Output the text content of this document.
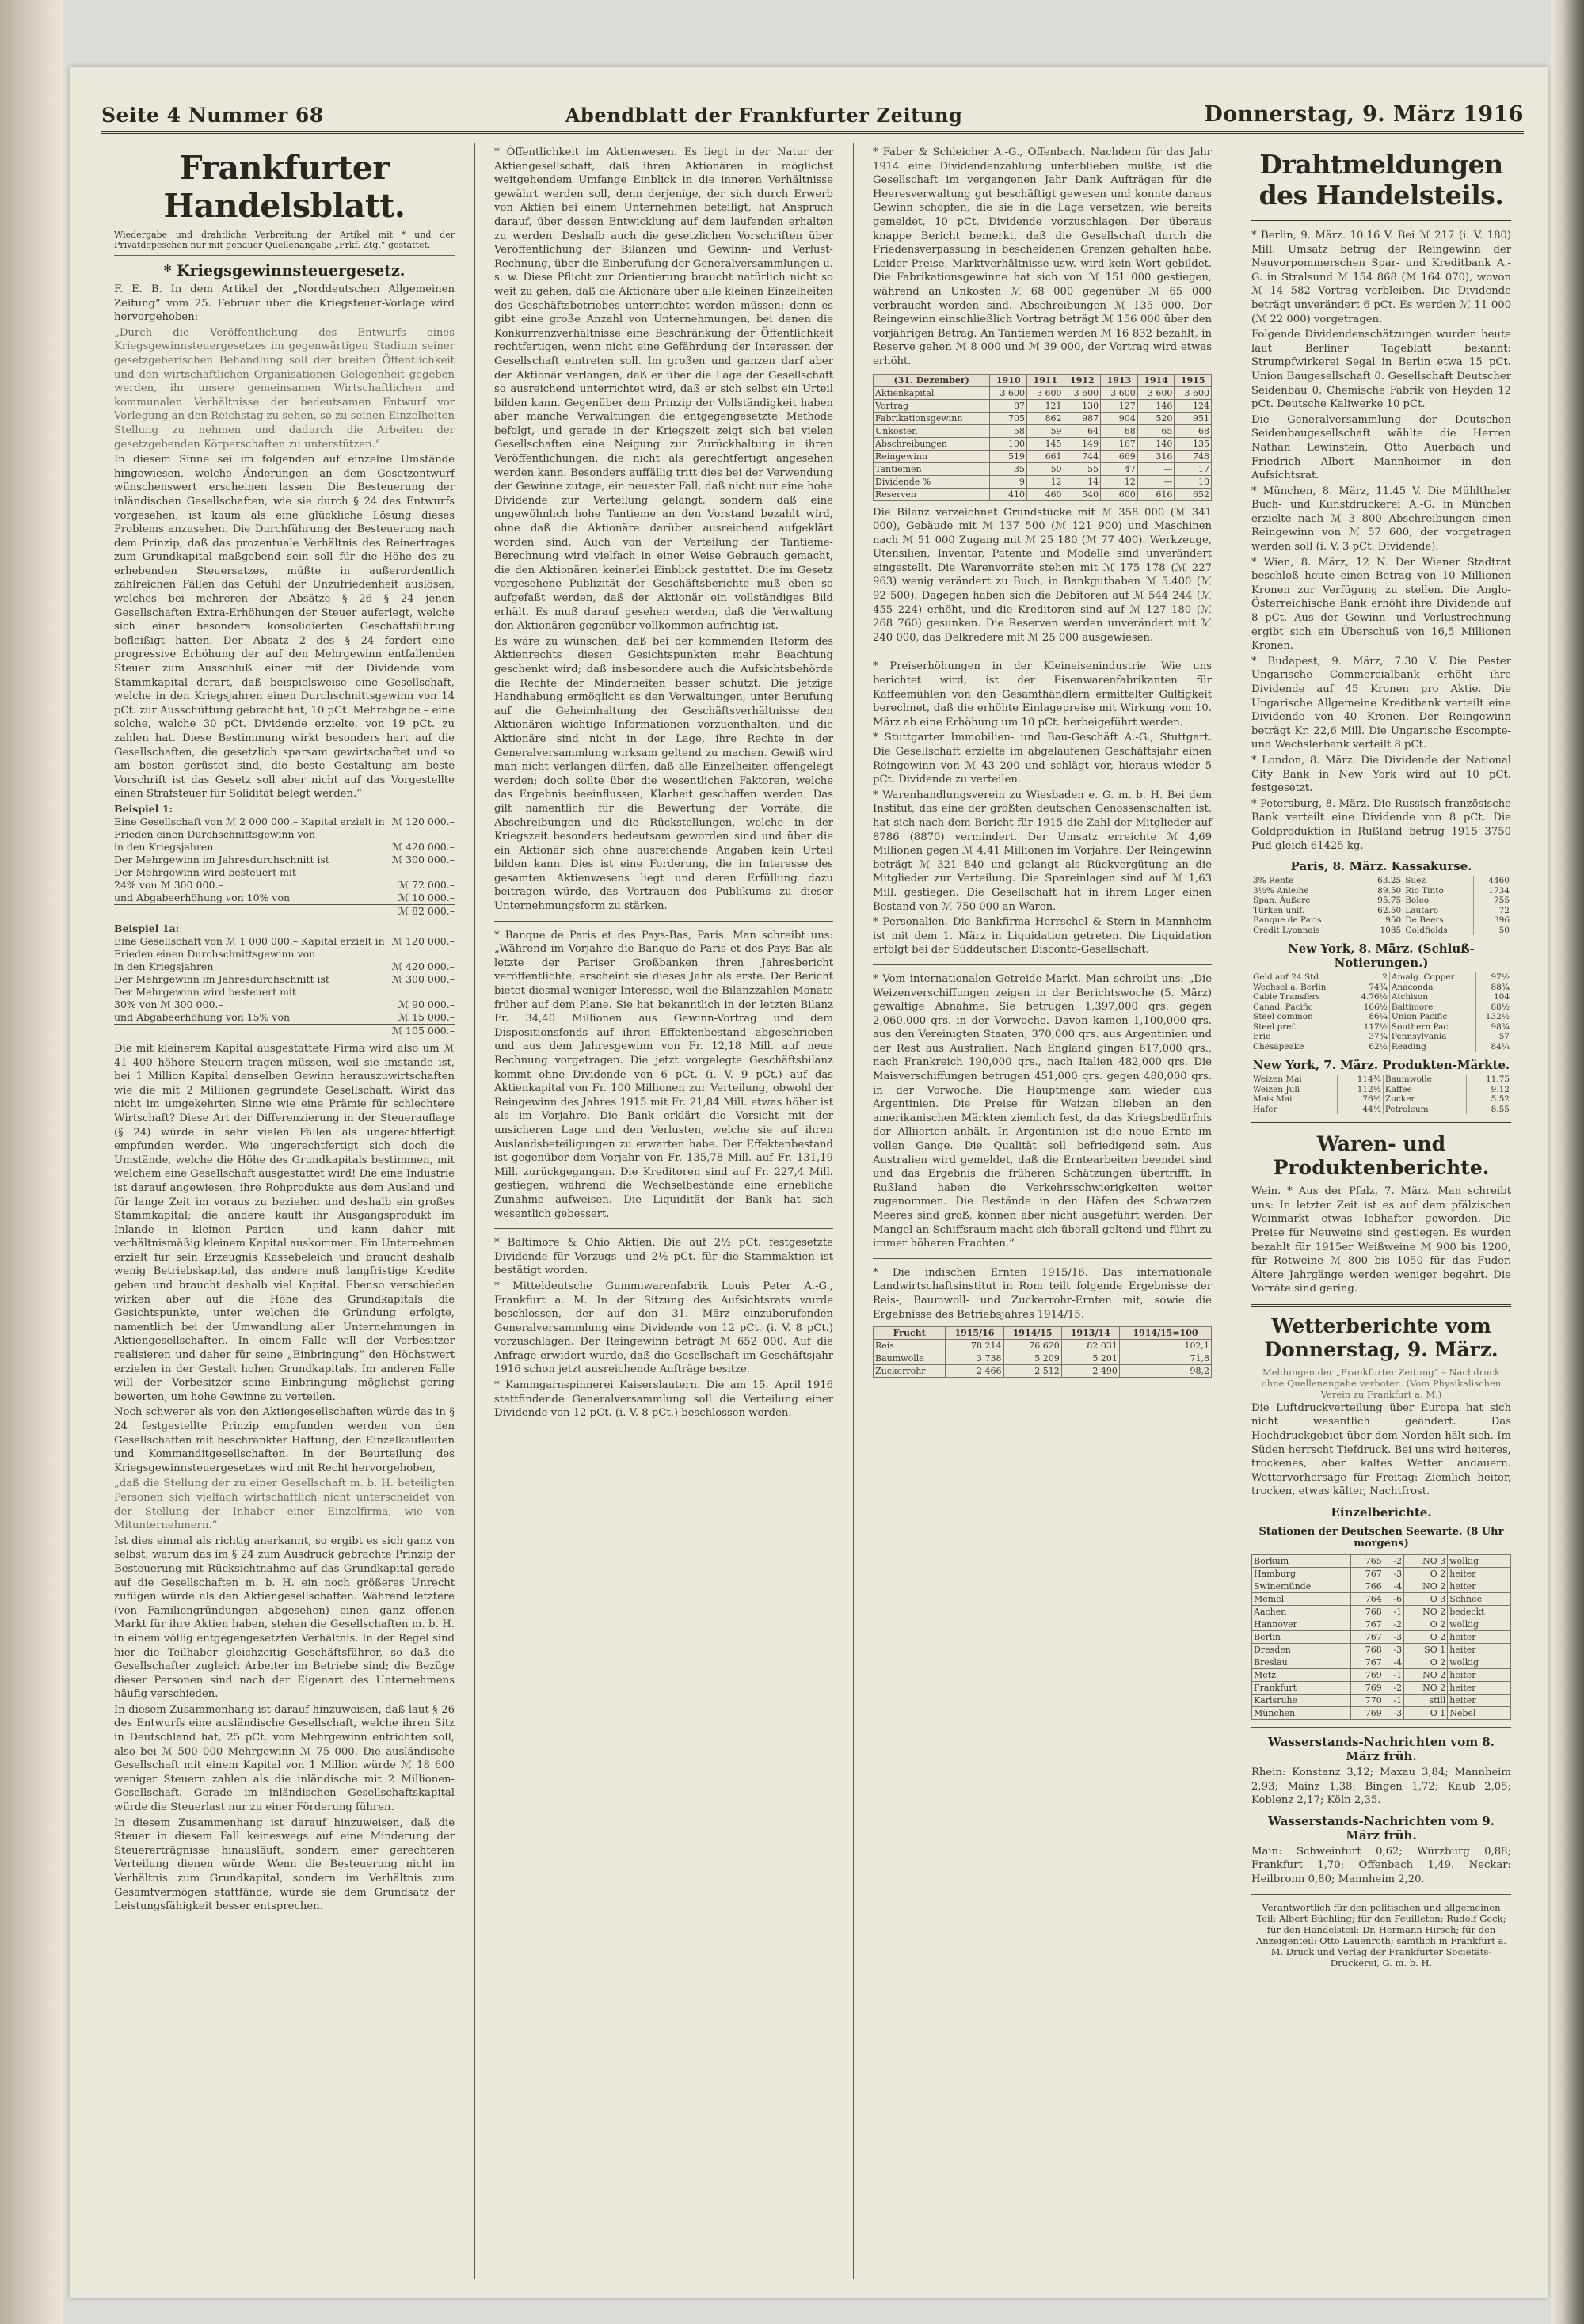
Seite 4 Nummer 68	Abendblatt der Frankfurter Zeitung	Donnerstag, 9. März 1916
Frankfurter Handelsblatt.
Wiedergabe und drahtliche Verbreitung der Artikel mit * und der Privatdepeschen nur mit genauer Quellenangabe „Frkf. Ztg.“ gestattet.
* Kriegsgewinnsteuergesetz.

F. E. B. In dem Artikel der „Norddeutschen Allgemeinen Zeitung“ vom 25. Februar über die Kriegsteuer-Vorlage wird hervorgehoben:

„Durch die Veröffentlichung des Entwurfs eines Kriegsgewinnsteuergesetzes im gegenwärtigen Stadium seiner gesetzgeberischen Behandlung soll der breiten Öffentlichkeit und den wirtschaftlichen Organisationen Gelegenheit gegeben werden, ihr unsere gemeinsamen Wirtschaftlichen und kommunalen Verhältnisse der bedeutsamen Entwurf vor Vorlegung an den Reichstag zu sehen, so zu seinen Einzelheiten Stellung zu nehmen und dadurch die Arbeiten der gesetzgebenden Körperschaften zu unterstützen.“

In diesem Sinne sei im folgenden auf einzelne Umstände hingewiesen, welche Änderungen an dem Gesetzentwurf wünschenswert erscheinen lassen. Die Besteuerung der inländischen Gesellschaften, wie sie durch § 24 des Entwurfs vorgesehen, ist kaum als eine glückliche Lösung dieses Problems anzusehen. Die Durchführung der Besteuerung nach dem Prinzip, daß das prozentuale Verhältnis des Reinertrages zum Grundkapital maßgebend sein soll für die Höhe des zu erhebenden Steuersatzes, müßte in außerordentlich zahlreichen Fällen das Gefühl der Unzufriedenheit auslösen, welches bei mehreren der Absätze § 26 § 24 jenen Gesellschaften Extra-Erhöhungen der Steuer auferlegt, welche sich einer besonders konsolidierten Geschäftsführung befleißigt hatten. Der Absatz 2 des § 24 fordert eine progressive Erhöhung der auf den Mehrgewinn entfallenden Steuer zum Ausschluß einer mit der Dividende vom Stammkapital derart, daß beispielsweise eine Gesellschaft, welche in den Kriegsjahren einen Durchschnittsgewinn von 14 pCt. zur Ausschüttung gebracht hat, 10 pCt. Mehrabgabe – eine solche, welche 30 pCt. Dividende erzielte, von 19 pCt. zu zahlen hat. Diese Bestimmung wirkt besonders hart auf die Gesellschaften, die gesetzlich sparsam gewirtschaftet und so am besten gerüstet sind, die beste Gestaltung am beste Vorschrift ist das Gesetz soll aber nicht auf das Vorgestellte einen Strafsteuer für Solidität belegt werden.“

Beispiel 1:
Eine Gesellschaft von ℳ 2 000 000.– Kapital erzielt in Frieden einen Durchschnittsgewinn von
ℳ 120 000.–
in den Kriegsjahren	ℳ 420 000.–
Der Mehrgewinn im Jahresdurchschnitt ist	ℳ 300 000.–
Der Mehrgewinn wird besteuert mit
24% von ℳ 300 000.–	ℳ 72 000.–
und Abgabeerhöhung von 10% von	ℳ 10 000.–
ℳ 82 000.–
Beispiel 1a:
Eine Gesellschaft von ℳ 1 000 000.– Kapital erzielt in Frieden einen Durchschnittsgewinn von
ℳ 120 000.–
in den Kriegsjahren	ℳ 420 000.–
Der Mehrgewinn im Jahresdurchschnitt ist	ℳ 300 000.–
Der Mehrgewinn wird besteuert mit
30% von ℳ 300 000.–	ℳ 90 000.–
und Abgabeerhöhung von 15% von	ℳ 15 000.–
ℳ 105 000.–

Die mit kleinerem Kapital ausgestattete Firma wird also um ℳ 41 400 höhere Steuern tragen müssen, weil sie imstande ist, bei 1 Million Kapital denselben Gewinn herauszuwirtschaften wie die mit 2 Millionen gegründete Gesellschaft. Wirkt das nicht im umgekehrten Sinne wie eine Prämie für schlechtere Wirtschaft? Diese Art der Differenzierung in der Steuerauflage (§ 24) würde in sehr vielen Fällen als ungerechtfertigt empfunden werden. Wie ungerechtfertigt sich doch die Umstände, welche die Höhe des Grundkapitals bestimmen, mit welchem eine Gesellschaft ausgestattet wird! Die eine Industrie ist darauf angewiesen, ihre Rohprodukte aus dem Ausland und für lange Zeit im voraus zu beziehen und deshalb ein großes Stammkapital; die andere kauft ihr Ausgangsprodukt im Inlande in kleinen Partien – und kann daher mit verhältnismäßig kleinem Kapital auskommen. Ein Unternehmen erzielt für sein Erzeugnis Kassebeleich und braucht deshalb wenig Betriebskapital, das andere muß langfristige Kredite geben und braucht deshalb viel Kapital. Ebenso verschieden wirken aber auf die Höhe des Grundkapitals die Gesichtspunkte, unter welchen die Gründung erfolgte, namentlich bei der Umwandlung aller Unternehmungen in Aktiengesellschaften. In einem Falle will der Vorbesitzer realisieren und daher für seine „Einbringung“ den Höchstwert erzielen in der Gestalt hohen Grundkapitals. Im anderen Falle will der Vorbesitzer seine Einbringung möglichst gering bewerten, um hohe Gewinne zu verteilen.

Noch schwerer als von den Aktiengesellschaften würde das in § 24 festgestellte Prinzip empfunden werden von den Gesellschaften mit beschränkter Haftung, den Einzelkaufleuten und Kommanditgesellschaften. In der Beurteilung des Kriegsgewinnsteuergesetzes wird mit Recht hervorgehoben,

„daß die Stellung der zu einer Gesellschaft m. b. H. beteiligten Personen sich vielfach wirtschaftlich nicht unterscheidet von der Stellung der Inhaber einer Einzelfirma, wie von Mitunternehmern.“

Ist dies einmal als richtig anerkannt, so ergibt es sich ganz von selbst, warum das im § 24 zum Ausdruck gebrachte Prinzip der Besteuerung mit Rücksichtnahme auf das Grundkapital gerade auf die Gesellschaften m. b. H. ein noch größeres Unrecht zufügen würde als den Aktiengesellschaften. Während letztere (von Familiengründungen abgesehen) einen ganz offenen Markt für ihre Aktien haben, stehen die Gesellschaften m. b. H. in einem völlig entgegengesetzten Verhältnis. In der Regel sind hier die Teilhaber gleichzeitig Geschäftsführer, so daß die Gesellschafter zugleich Arbeiter im Betriebe sind; die Bezüge dieser Personen sind nach der Eigenart des Unternehmens häufig verschieden.

In diesem Zusammenhang ist darauf hinzuweisen, daß laut § 26 des Entwurfs eine ausländische Gesellschaft, welche ihren Sitz in Deutschland hat, 25 pCt. vom Mehrgewinn entrichten soll, also bei ℳ 500 000 Mehrgewinn ℳ 75 000. Die ausländische Gesellschaft mit einem Kapital von 1 Million würde ℳ 18 600 weniger Steuern zahlen als die inländische mit 2 Millionen-Gesellschaft. Gerade im inländischen Gesellschaftskapital würde die Steuerlast nur zu einer Förderung führen.

In diesem Zusammenhang ist darauf hinzuweisen, daß die Steuer in diesem Fall keineswegs auf eine Minderung der Steuererträgnisse hinausläuft, sondern einer gerechteren Verteilung dienen würde. Wenn die Besteuerung nicht im Verhältnis zum Grundkapital, sondern im Verhältnis zum Gesamtvermögen stattfände, würde sie dem Grundsatz der Leistungsfähigkeit besser entsprechen.

* Öffentlichkeit im Aktienwesen. Es liegt in der Natur der Aktiengesellschaft, daß ihren Aktionären in möglichst weitgehendem Umfange Einblick in die inneren Verhältnisse gewährt werden soll, denn derjenige, der sich durch Erwerb von Aktien bei einem Unternehmen beteiligt, hat Anspruch darauf, über dessen Entwicklung auf dem laufenden erhalten zu werden. Deshalb auch die gesetzlichen Vorschriften über Veröffentlichung der Bilanzen und Gewinn- und Verlust-Rechnung, über die Einberufung der Generalversammlungen u. s. w. Diese Pflicht zur Orientierung braucht natürlich nicht so weit zu gehen, daß die Aktionäre über alle kleinen Einzelheiten des Geschäftsbetriebes unterrichtet werden müssen; denn es gibt eine große Anzahl von Unternehmungen, bei denen die Konkurrenzverhältnisse eine Beschränkung der Öffentlichkeit rechtfertigen, wenn nicht eine Gefährdung der Interessen der Gesellschaft eintreten soll. Im großen und ganzen darf aber der Aktionär verlangen, daß er über die Lage der Gesellschaft so ausreichend unterrichtet wird, daß er sich selbst ein Urteil bilden kann. Gegenüber dem Prinzip der Vollständigkeit haben aber manche Verwaltungen die entgegengesetzte Methode befolgt, und gerade in der Kriegszeit zeigt sich bei vielen Gesellschaften eine Neigung zur Zurückhaltung in ihren Veröffentlichungen, die nicht als gerechtfertigt angesehen werden kann. Besonders auffällig tritt dies bei der Verwendung der Gewinne zutage, ein neuester Fall, daß nicht nur eine hohe Dividende zur Verteilung gelangt, sondern daß eine ungewöhnlich hohe Tantieme an den Vorstand bezahlt wird, ohne daß die Aktionäre darüber ausreichend aufgeklärt worden sind. Auch von der Verteilung der Tantieme-Berechnung wird vielfach in einer Weise Gebrauch gemacht, die den Aktionären keinerlei Einblick gestattet. Die im Gesetz vorgesehene Publizität der Geschäftsberichte muß eben so aufgefaßt werden, daß der Aktionär ein vollständiges Bild erhält. Es muß darauf gesehen werden, daß die Verwaltung den Aktionären gegenüber vollkommen aufrichtig ist.

Es wäre zu wünschen, daß bei der kommenden Reform des Aktienrechts diesen Gesichtspunkten mehr Beachtung geschenkt wird; daß insbesondere auch die Aufsichtsbehörde die Rechte der Minderheiten besser schützt. Die jetzige Handhabung ermöglicht es den Verwaltungen, unter Berufung auf die Geheimhaltung der Geschäftsverhältnisse den Aktionären wichtige Informationen vorzuenthalten, und die Aktionäre sind nicht in der Lage, ihre Rechte in der Generalversammlung wirksam geltend zu machen. Gewiß wird man nicht verlangen dürfen, daß alle Einzelheiten offengelegt werden; doch sollte über die wesentlichen Faktoren, welche das Ergebnis beeinflussen, Klarheit geschaffen werden. Das gilt namentlich für die Bewertung der Vorräte, die Abschreibungen und die Rückstellungen, welche in der Kriegszeit besonders bedeutsam geworden sind und über die ein Aktionär sich ohne ausreichende Angaben kein Urteil bilden kann. Dies ist eine Forderung, die im Interesse des gesamten Aktienwesens liegt und deren Erfüllung dazu beitragen würde, das Vertrauen des Publikums zu dieser Unternehmungsform zu stärken.

* Banque de Paris et des Pays-Bas, Paris. Man schreibt uns: „Während im Vorjahre die Banque de Paris et des Pays-Bas als letzte der Pariser Großbanken ihren Jahresbericht veröffentlichte, erscheint sie dieses Jahr als erste. Der Bericht bietet diesmal weniger Interesse, weil die Bilanzzahlen Monate früher auf dem Plane. Sie hat bekanntlich in der letzten Bilanz Fr. 34,40 Millionen aus Gewinn-Vortrag und dem Dispositionsfonds auf ihren Effektenbestand abgeschrieben und aus dem Jahresgewinn von Fr. 12,18 Mill. auf neue Rechnung vorgetragen. Die jetzt vorgelegte Geschäftsbilanz kommt ohne Dividende von 6 pCt. (i. V. 9 pCt.) auf das Aktienkapital von Fr. 100 Millionen zur Verteilung, obwohl der Reingewinn des Jahres 1915 mit Fr. 21,84 Mill. etwas höher ist als im Vorjahre. Die Bank erklärt die Vorsicht mit der unsicheren Lage und den Verlusten, welche sie auf ihren Auslandsbeteiligungen zu erwarten habe. Der Effektenbestand ist gegenüber dem Vorjahr von Fr. 135,78 Mill. auf Fr. 131,19 Mill. zurückgegangen. Die Kreditoren sind auf Fr. 227,4 Mill. gestiegen, während die Wechselbestände eine erhebliche Zunahme aufweisen. Die Liquidität der Bank hat sich wesentlich gebessert.

* Baltimore & Ohio Aktien. Die auf 2½ pCt. festgesetzte Dividende für Vorzugs- und 2½ pCt. für die Stammaktien ist bestätigt worden.

* Mitteldeutsche Gummiwarenfabrik Louis Peter A.-G., Frankfurt a. M. In der Sitzung des Aufsichtsrats wurde beschlossen, der auf den 31. März einzuberufenden Generalversammlung eine Dividende von 12 pCt. (i. V. 8 pCt.) vorzuschlagen. Der Reingewinn beträgt ℳ 652 000. Auf die Anfrage erwidert wurde, daß die Gesellschaft im Geschäftsjahr 1916 schon jetzt ausreichende Aufträge besitze.

* Kammgarnspinnerei Kaiserslautern. Die am 15. April 1916 stattfindende Generalversammlung soll die Verteilung einer Dividende von 12 pCt. (i. V. 8 pCt.) beschlossen werden.

* Faber & Schleicher A.-G., Offenbach. Nachdem für das Jahr 1914 eine Dividendenzahlung unterblieben mußte, ist die Gesellschaft im vergangenen Jahr Dank Aufträgen für die Heeresverwaltung gut beschäftigt gewesen und konnte daraus Gewinn schöpfen, die sie in die Lage versetzen, wie bereits gemeldet, 10 pCt. Dividende vorzuschlagen. Der überaus knappe Bericht bemerkt, daß die Gesellschaft durch die Friedensverpassung in bescheidenen Grenzen gehalten habe. Leider Preise, Marktverhältnisse usw. wird kein Wort gebildet. Die Fabrikationsgewinne hat sich von ℳ 151 000 gestiegen, während an Unkosten ℳ 68 000 gegenüber ℳ 65 000 verbraucht worden sind. Abschreibungen ℳ 135 000. Der Reingewinn einschließlich Vortrag beträgt ℳ 156 000 über den vorjährigen Betrag. An Tantiemen werden ℳ 16 832 bezahlt, in Reserve gehen ℳ 8 000 und ℳ 39 000, der Vortrag wird etwas erhöht.

(31. Dezember)	1910	1911	1912	1913	1914	1915
Aktienkapital	3 600	3 600	3 600	3 600	3 600	3 600
Vortrag	87	121	130	127	146	124
Fabrikationsgewinn	705	862	987	904	520	951
Unkosten	58	59	64	68	65	68
Abschreibungen	100	145	149	167	140	135
Reingewinn	519	661	744	669	316	748
Tantiemen	35	50	55	47	—	17
Dividende %	9	12	14	12	—	10
Reserven	410	460	540	600	616	652

Die Bilanz verzeichnet Grundstücke mit ℳ 358 000 (ℳ 341 000), Gebäude mit ℳ 137 500 (ℳ 121 900) und Maschinen nach ℳ 51 000 Zugang mit ℳ 25 180 (ℳ 77 400). Werkzeuge, Utensilien, Inventar, Patente und Modelle sind unverändert eingestellt. Die Warenvorräte stehen mit ℳ 175 178 (ℳ 227 963) wenig verändert zu Buch, in Bankguthaben ℳ 5.400 (ℳ 92 500). Dagegen haben sich die Debitoren auf ℳ 544 244 (ℳ 455 224) erhöht, und die Kreditoren sind auf ℳ 127 180 (ℳ 268 760) gesunken. Die Reserven werden unverändert mit ℳ 240 000, das Delkredere mit ℳ 25 000 ausgewiesen.

* Preiserhöhungen in der Kleineisenindustrie. Wie uns berichtet wird, ist der Eisenwarenfabrikanten für Kaffeemühlen von den Gesamthändlern ermittelter Gültigkeit berechnet, daß die erhöhte Einlagepreise mit Wirkung vom 10. März ab eine Erhöhung um 10 pCt. herbeigeführt werden.

* Stuttgarter Immobilien- und Bau-Geschäft A.-G., Stuttgart. Die Gesellschaft erzielte im abgelaufenen Geschäftsjahr einen Reingewinn von ℳ 43 200 und schlägt vor, hieraus wieder 5 pCt. Dividende zu verteilen.

* Warenhandlungsverein zu Wiesbaden e. G. m. b. H. Bei dem Institut, das eine der größten deutschen Genossenschaften ist, hat sich nach dem Bericht für 1915 die Zahl der Mitglieder auf 8786 (8870) vermindert. Der Umsatz erreichte ℳ 4,69 Millionen gegen ℳ 4,41 Millionen im Vorjahre. Der Reingewinn beträgt ℳ 321 840 und gelangt als Rückvergütung an die Mitglieder zur Verteilung. Die Spareinlagen sind auf ℳ 1,63 Mill. gestiegen. Die Gesellschaft hat in ihrem Lager einen Bestand von ℳ 750 000 an Waren.

* Personalien. Die Bankfirma Herrschel & Stern in Mannheim ist mit dem 1. März in Liquidation getreten. Die Liquidation erfolgt bei der Süddeutschen Disconto-Gesellschaft.

* Vom internationalen Getreide-Markt. Man schreibt uns: „Die Weizenverschiffungen zeigen in der Berichtswoche (5. März) gewaltige Abnahme. Sie betrugen 1,397,000 qrs. gegen 2,060,000 qrs. in der Vorwoche. Davon kamen 1,100,000 qrs. aus den Vereinigten Staaten, 370,000 qrs. aus Argentinien und der Rest aus Australien. Nach England gingen 617,000 qrs., nach Frankreich 190,000 qrs., nach Italien 482,000 qrs. Die Maisverschiffungen betrugen 451,000 qrs. gegen 480,000 qrs. in der Vorwoche. Die Hauptmenge kam wieder aus Argentinien. Die Preise für Weizen blieben an den amerikanischen Märkten ziemlich fest, da das Kriegsbedürfnis der Alliierten anhält. In Argentinien ist die neue Ernte im vollen Gange. Die Qualität soll befriedigend sein. Aus Australien wird gemeldet, daß die Erntearbeiten beendet sind und das Ergebnis die früheren Schätzungen übertrifft. In Rußland haben die Verkehrsschwierigkeiten weiter zugenommen. Die Bestände in den Häfen des Schwarzen Meeres sind groß, können aber nicht ausgeführt werden. Der Mangel an Schiffsraum macht sich überall geltend und führt zu immer höheren Frachten.“

* Die indischen Ernten 1915/16. Das internationale Landwirtschaftsinstitut in Rom teilt folgende Ergebnisse der Reis-, Baumwoll- und Zuckerrohr-Ernten mit, sowie die Ergebnisse des Betriebsjahres 1914/15.

Frucht	1915/16	1914/15	1913/14	1914/15=100
Reis	78 214	76 620	82 031	102,1
Baumwolle	3 738	5 209	5 201	71,8
Zuckerrohr	2 466	2 512	2 490	98,2
Drahtmeldungen des Handelsteils.

* Berlin, 9. März. 10.16 V. Bei ℳ 217 (i. V. 180) Mill. Umsatz betrug der Reingewinn der Neuvorpommerschen Spar- und Kreditbank A.-G. in Stralsund ℳ 154 868 (ℳ 164 070), wovon ℳ 14 582 Vortrag verbleiben. Die Dividende beträgt unverändert 6 pCt. Es werden ℳ 11 000 (ℳ 22 000) vorgetragen.

Folgende Dividendenschätzungen wurden heute laut Berliner Tageblatt bekannt: Strumpfwirkerei Segal in Berlin etwa 15 pCt. Union Baugesellschaft 0. Gesellschaft Deutscher Seidenbau 0. Chemische Fabrik von Heyden 12 pCt. Deutsche Kaliwerke 10 pCt.

Die Generalversammlung der Deutschen Seidenbaugesellschaft wählte die Herren Nathan Lewinstein, Otto Auerbach und Friedrich Albert Mannheimer in den Aufsichtsrat.

* München, 8. März, 11.45 V. Die Mühlthaler Buch- und Kunstdruckerei A.-G. in München erzielte nach ℳ 3 800 Abschreibungen einen Reingewinn von ℳ 57 600, der vorgetragen werden soll (i. V. 3 pCt. Dividende).

* Wien, 8. März, 12 N. Der Wiener Stadtrat beschloß heute einen Betrag von 10 Millionen Kronen zur Verfügung zu stellen. Die Anglo-Österreichische Bank erhöht ihre Dividende auf 8 pCt. Aus der Gewinn- und Verlustrechnung ergibt sich ein Überschuß von 16,5 Millionen Kronen.

* Budapest, 9. März, 7.30 V. Die Pester Ungarische Commercialbank erhöht ihre Dividende auf 45 Kronen pro Aktie. Die Ungarische Allgemeine Kreditbank verteilt eine Dividende von 40 Kronen. Der Reingewinn beträgt Kr. 22,6 Mill. Die Ungarische Escompte- und Wechslerbank verteilt 8 pCt.

* London, 8. März. Die Dividende der National City Bank in New York wird auf 10 pCt. festgesetzt.

* Petersburg, 8. März. Die Russisch-französische Bank verteilt eine Dividende von 8 pCt. Die Goldproduktion in Rußland betrug 1915 3750 Pud gleich 61425 kg.

Paris, 8. März. Kassakurse.
3% Rente	63.25	Suez	4460
3½% Anleihe	89.50	Rio Tinto	1734
Span. Äußere	95.75	Boleo	755
Türken unif.	62.50	Lautaro	72
Banque de Paris	950	De Beers	396
Crédit Lyonnais	1085	Goldfields	50
New York, 8. März. (Schluß-Notierungen.)
Geld auf 24 Std.	2	Amalg. Copper	97½
Wechsel a. Berlin	74¾	Anaconda	88¾
Cable Transfers	4.76½	Atchison	104
Canad. Pacific	166½	Baltimore	88½
Steel common	86¼	Union Pacific	132½
Steel pref.	117½	Southern Pac.	98¾
Erie	37¾	Pennsylvania	57
Chesapeake	62½	Reading	84¼
New York, 7. März. Produkten-Märkte.
Weizen Mai	114¾	Baumwolle	11.75
Weizen Juli	112½	Kaffee	9.12
Mais Mai	76½	Zucker	5.52
Hafer	44½	Petroleum	8.55
Waren- und Produktenberichte.

Wein. * Aus der Pfalz, 7. März. Man schreibt uns: In letzter Zeit ist es auf dem pfälzischen Weinmarkt etwas lebhafter geworden. Die Preise für Neuweine sind gestiegen. Es wurden bezahlt für 1915er Weißweine ℳ 900 bis 1200, für Rotweine ℳ 800 bis 1050 für das Fuder. Ältere Jahrgänge werden weniger begehrt. Die Vorräte sind gering.

Wetterberichte vom Donnerstag, 9. März.

Meldungen der „Frankfurter Zeitung“ – Nachdruck ohne Quellenangabe verboten. (Vom Physikalischen Verein zu Frankfurt a. M.)

Die Luftdruckverteilung über Europa hat sich nicht wesentlich geändert. Das Hochdruckgebiet über dem Norden hält sich. Im Süden herrscht Tiefdruck. Bei uns wird heiteres, trockenes, aber kaltes Wetter andauern. Wettervorhersage für Freitag: Ziemlich heiter, trocken, etwas kälter, Nachtfrost.

Einzelberichte.
Stationen der Deutschen Seewarte. (8 Uhr morgens)
Borkum	765	-2	NO 3	wolkig
Hamburg	767	-3	O 2	heiter
Swinemünde	766	-4	NO 2	heiter
Memel	764	-6	O 3	Schnee
Aachen	768	-1	NO 2	bedeckt
Hannover	767	-2	O 2	wolkig
Berlin	767	-3	O 2	heiter
Dresden	768	-3	SO 1	heiter
Breslau	767	-4	O 2	wolkig
Metz	769	-1	NO 2	heiter
Frankfurt	769	-2	NO 2	heiter
Karlsruhe	770	-1	still	heiter
München	769	-3	O 1	Nebel
Wasserstands-Nachrichten vom 8. März früh.

Rhein: Konstanz 3,12; Maxau 3,84; Mannheim 2,93; Mainz 1,38; Bingen 1,72; Kaub 2,05; Koblenz 2,17; Köln 2,35.

Wasserstands-Nachrichten vom 9. März früh.

Main: Schweinfurt 0,62; Würzburg 0,88; Frankfurt 1,70; Offenbach 1,49. Neckar: Heilbronn 0,80; Mannheim 2,20.

Verantwortlich für den politischen und allgemeinen Teil: Albert Büchling; für den Feuilleton: Rudolf Geck; für den Handelsteil: Dr. Hermann Hirsch; für den Anzeigenteil: Otto Lauenroth; sämtlich in Frankfurt a. M. Druck und Verlag der Frankfurter Societäts-Druckerei, G. m. b. H.
